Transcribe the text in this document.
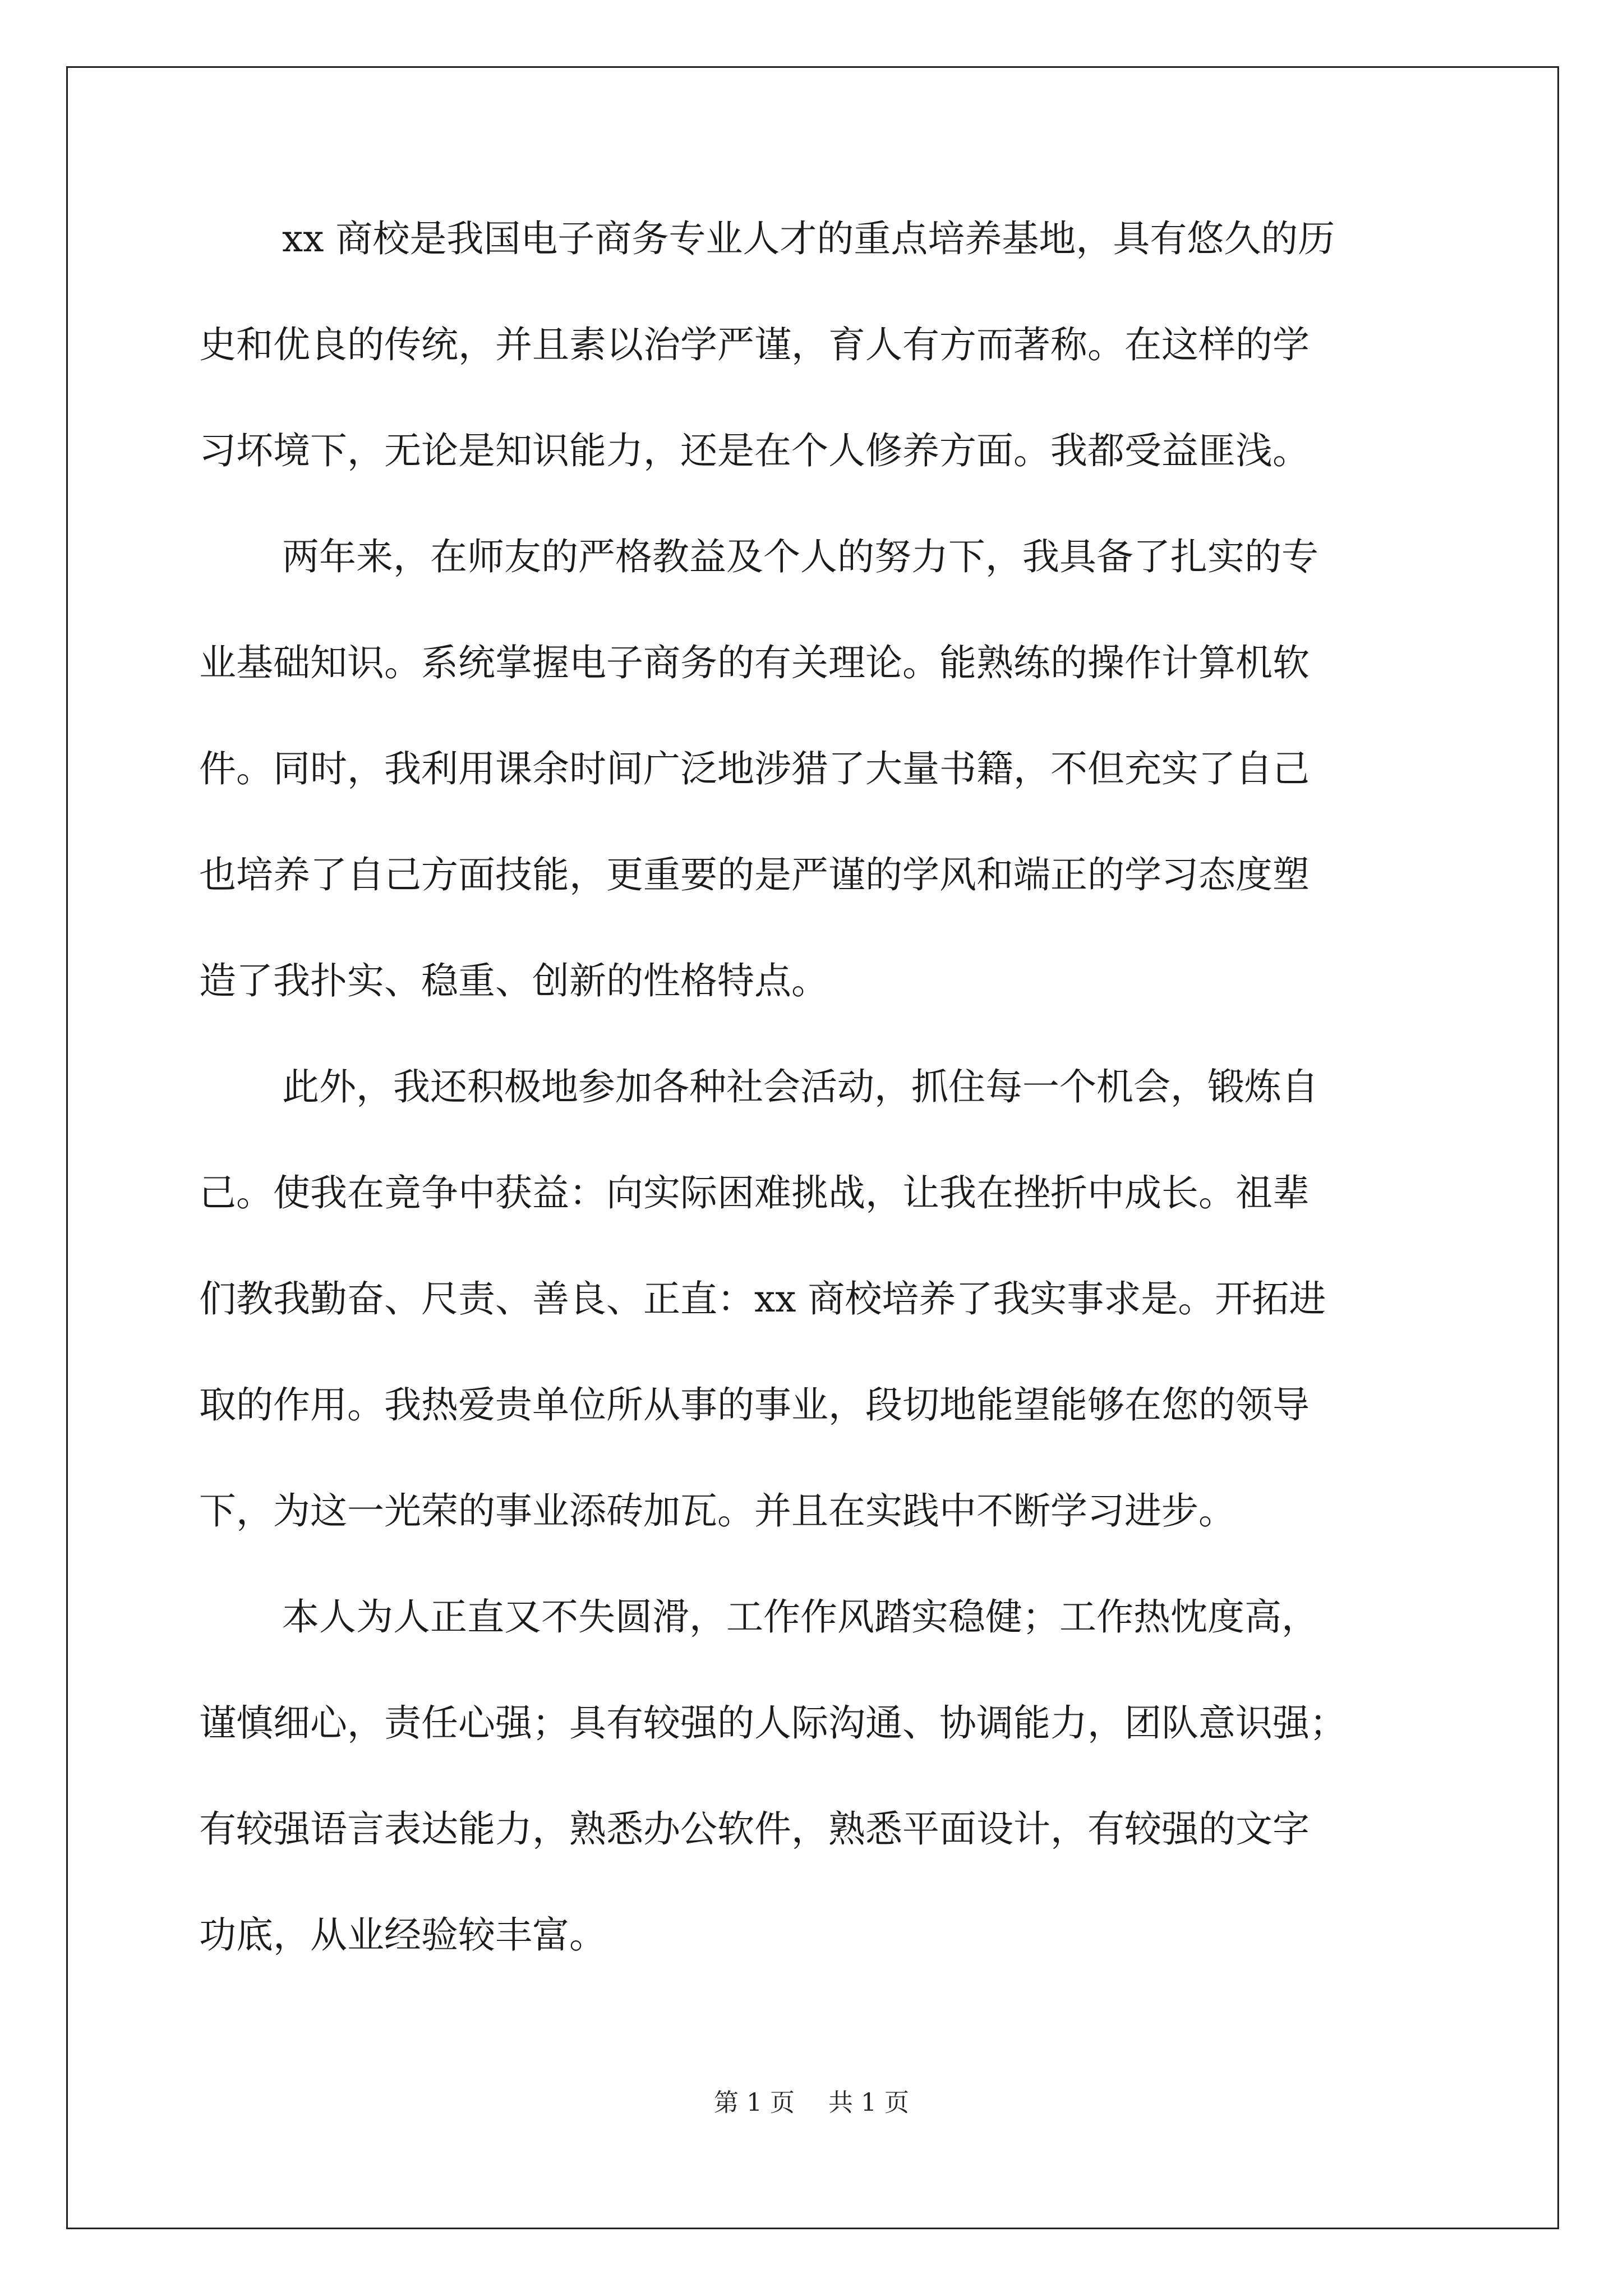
xx 商校是我国电子商务专业人才的重点培养基地，具有悠久的历
史和优良的传统，并且素以治学严谨，育人有方而著称。在这样的学
习坏境下，无论是知识能力，还是在个人修养方面。我都受益匪浅。
两年来，在师友的严格教益及个人的努力下，我具备了扎实的专
业基础知识。系统掌握电子商务的有关理论。能熟练的操作计算机软
件。同时，我利用课余时间广泛地涉猎了大量书籍，不但充实了自己
也培养了自己方面技能，更重要的是严谨的学风和端正的学习态度塑
造了我扑实、稳重、创新的性格特点。
此外，我还积极地参加各种社会活动，抓住每一个机会，锻炼自
己。使我在竟争中获益：向实际困难挑战，让我在挫折中成长。祖辈
们教我勤奋、尺责、善良、正直：xx 商校培养了我实事求是。开拓进
取的作用。我热爱贵单位所从事的事业，段切地能望能够在您的领导
下，为这一光荣的事业添砖加瓦。并且在实践中不断学习进步。
本人为人正直又不失圆滑，工作作风踏实稳健；工作热忱度高，
谨慎细心，责任心强；具有较强的人际沟通、协调能力，团队意识强；
有较强语言表达能力，熟悉办公软件，熟悉平面设计，有较强的文字
功底，从业经验较丰富。
第 1 页 共 1 页
